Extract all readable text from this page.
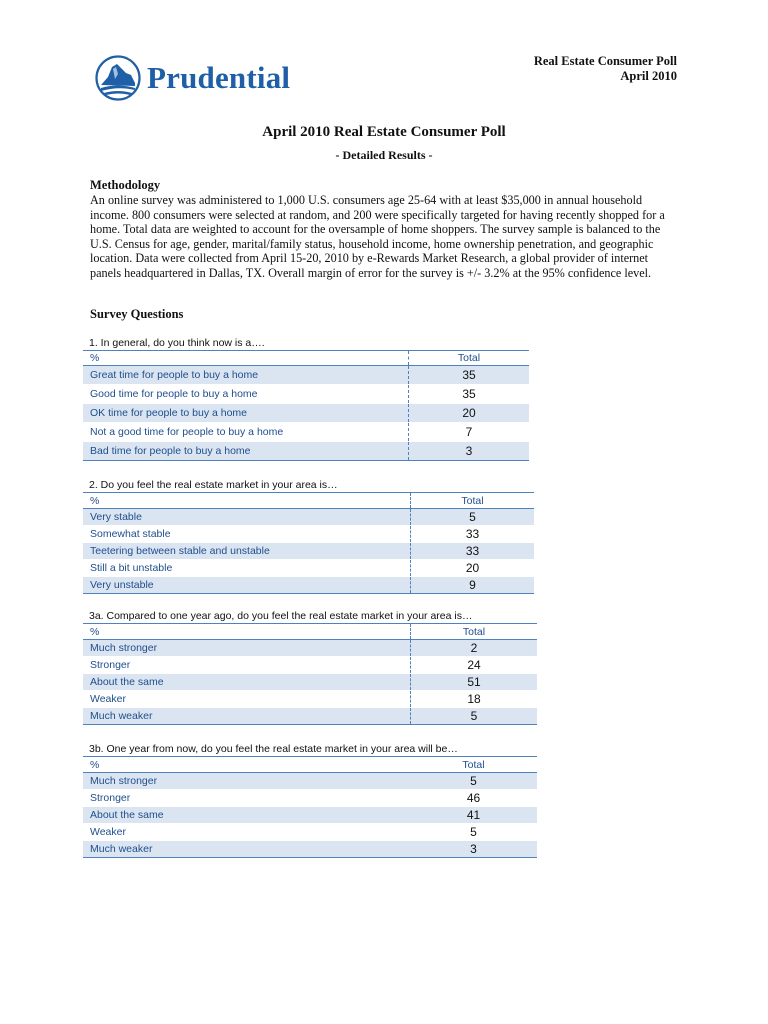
Prudential	Real Estate Consumer Poll
April 2010
April 2010 Real Estate Consumer Poll
- Detailed Results -
Methodology
An online survey was administered to 1,000 U.S. consumers age 25-64 with at least $35,000 in annual household income. 800 consumers were selected at random, and 200 were specifically targeted for having recently shopped for a home. Total data are weighted to account for the oversample of home shoppers. The survey sample is balanced to the U.S. Census for age, gender, marital/family status, household income, home ownership penetration, and geographic location. Data were collected from April 15-20, 2010 by e-Rewards Market Research, a global provider of internet panels headquartered in Dallas, TX. Overall margin of error for the survey is +/- 3.2% at the 95% confidence level.
Survey Questions
1. In general, do you think now is a….
%	Total
Great time for people to buy a home	35
Good time for people to buy a home	35
OK time for people to buy a home	20
Not a good time for people to buy a home	7
Bad time for people to buy a home	3
2. Do you feel the real estate market in your area is…
%	Total
Very stable	5
Somewhat stable	33
Teetering between stable and unstable	33
Still a bit unstable	20
Very unstable	9
3a. Compared to one year ago, do you feel the real estate market in your area is…
%	Total
Much stronger	2
Stronger	24
About the same	51
Weaker	18
Much weaker	5
3b. One year from now, do you feel the real estate market in your area will be…
%	Total
Much stronger	5
Stronger	46
About the same	41
Weaker	5
Much weaker	3
